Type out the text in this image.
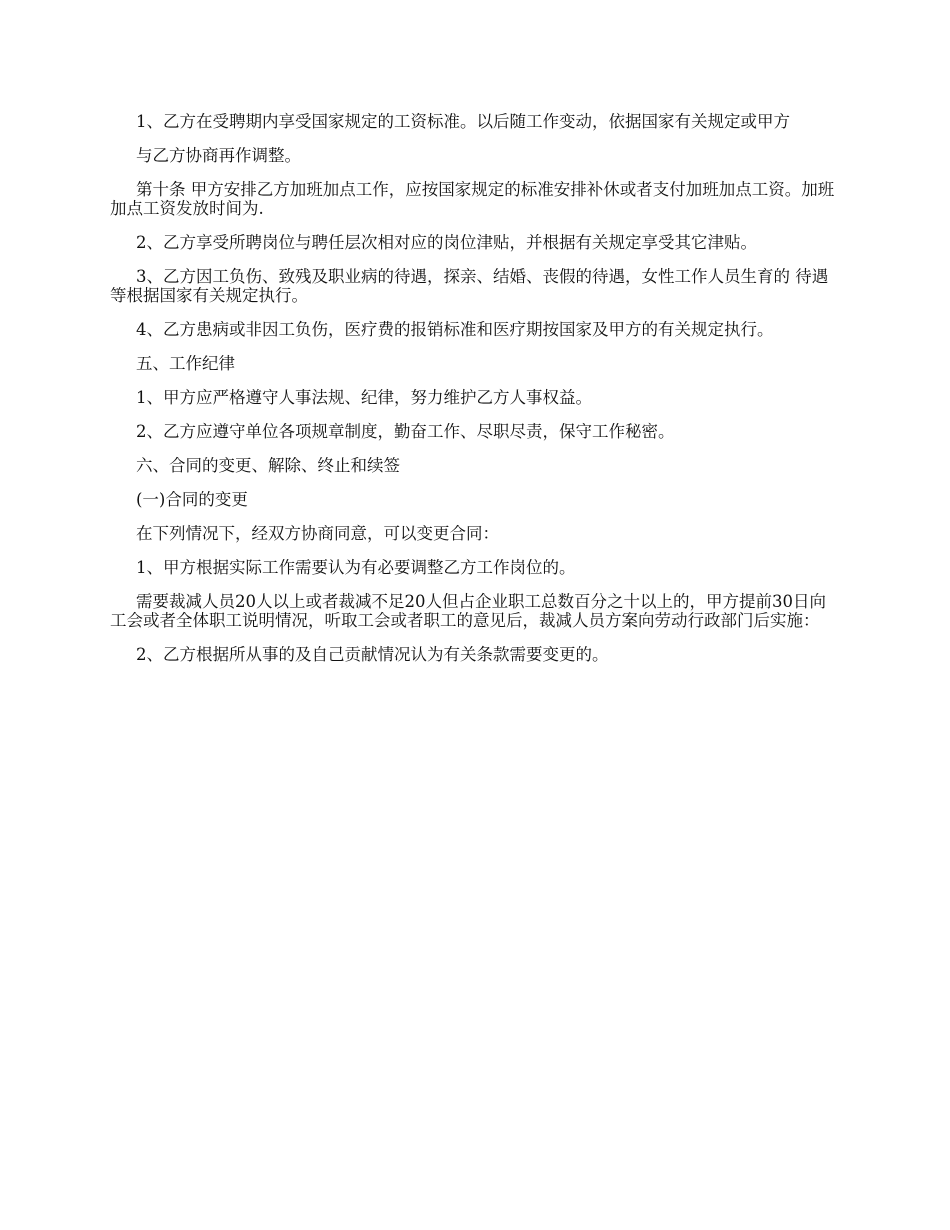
1、乙方在受聘期内享受国家规定的工资标准。以后随工作变动，依据国家有关规定或甲方

与乙方协商再作调整。

第十条 甲方安排乙方加班加点工作，应按国家规定的标准安排补休或者支付加班加点工资。加班加点工资发放时间为.

2、乙方享受所聘岗位与聘任层次相对应的岗位津贴，并根据有关规定享受其它津贴。

3、乙方因工负伤、致残及职业病的待遇，探亲、结婚、丧假的待遇，女性工作人员生育的 待遇等根据国家有关规定执行。

4、乙方患病或非因工负伤，医疗费的报销标准和医疗期按国家及甲方的有关规定执行。

五、工作纪律

1、甲方应严格遵守人事法规、纪律，努力维护乙方人事权益。

2、乙方应遵守单位各项规章制度，勤奋工作、尽职尽责，保守工作秘密。

六、合同的变更、解除、终止和续签

(一)合同的变更

在下列情况下，经双方协商同意，可以变更合同：

1、甲方根据实际工作需要认为有必要调整乙方工作岗位的。

需要裁减人员20人以上或者裁减不足20人但占企业职工总数百分之十以上的，甲方提前30日向工会或者全体职工说明情况，听取工会或者职工的意见后，裁减人员方案向劳动行政部门后实施：

2、乙方根据所从事的及自己贡献情况认为有关条款需要变更的。
